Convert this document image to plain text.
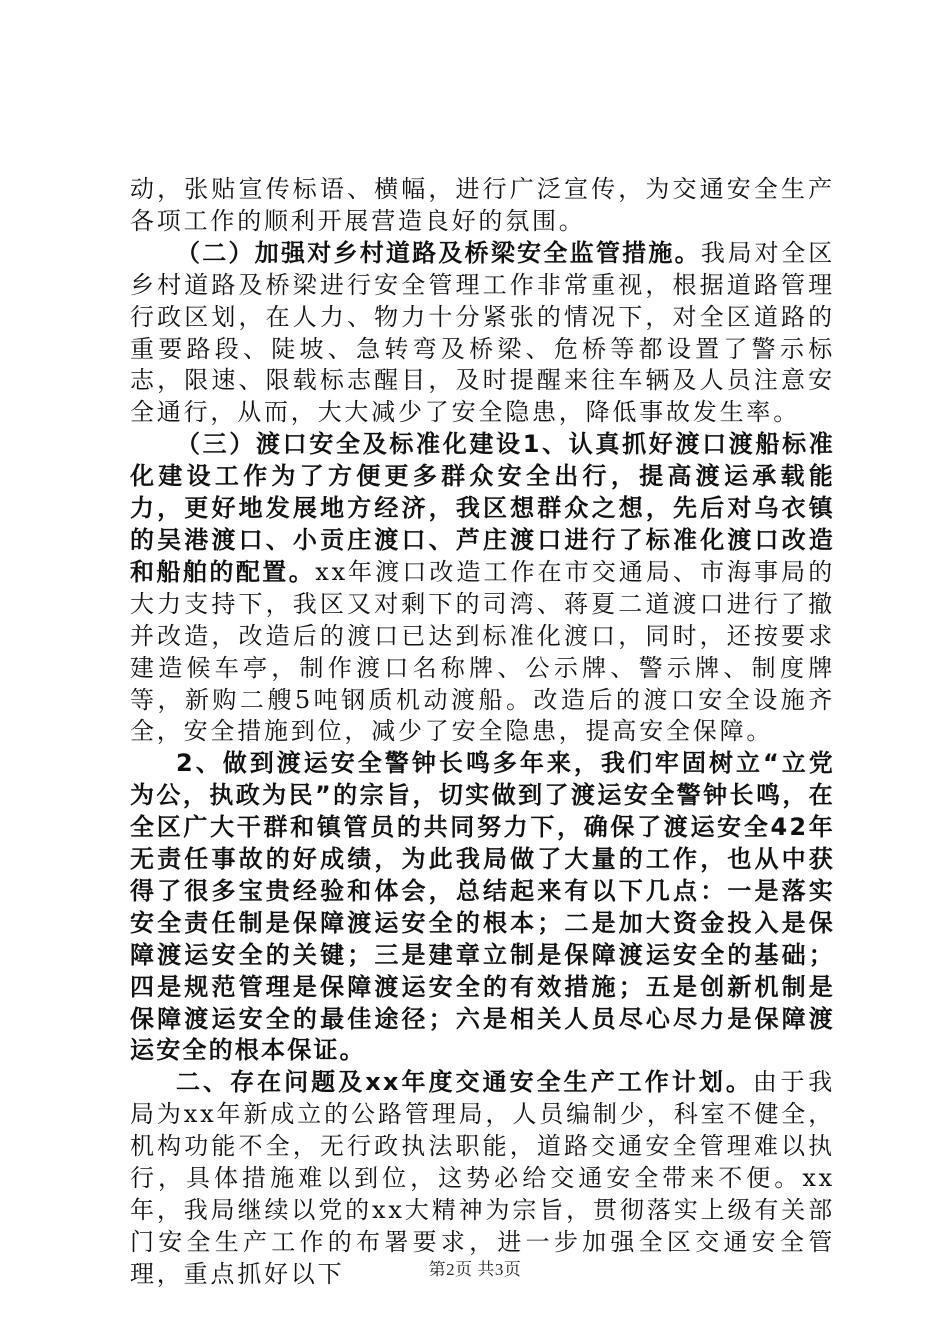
动，张贴宣传标语、横幅，进行广泛宣传，为交通安全生产各项工作的顺利开展营造良好的氛围。

（二）加强对乡村道路及桥梁安全监管措施。我局对全区乡村道路及桥梁进行安全管理工作非常重视，根据道路管理行政区划，在人力、物力十分紧张的情况下，对全区道路的重要路段、陡坡、急转弯及桥梁、危桥等都设置了警示标志，限速、限载标志醒目，及时提醒来往车辆及人员注意安全通行，从而，大大减少了安全隐患，降低事故发生率。

（三）渡口安全及标准化建设1、认真抓好渡口渡船标准化建设工作为了方便更多群众安全出行，提高渡运承载能力，更好地发展地方经济，我区想群众之想，先后对乌衣镇的吴港渡口、小贡庄渡口、芦庄渡口进行了标准化渡口改造和船舶的配置。xx年渡口改造工作在市交通局、市海事局的大力支持下，我区又对剩下的司湾、蒋夏二道渡口进行了撤并改造，改造后的渡口已达到标准化渡口，同时，还按要求建造候车亭，制作渡口名称牌、公示牌、警示牌、制度牌等，新购二艘5吨钢质机动渡船。改造后的渡口安全设施齐全，安全措施到位，减少了安全隐患，提高安全保障。

2、做到渡运安全警钟长鸣多年来，我们牢固树立“立党为公，执政为民”的宗旨，切实做到了渡运安全警钟长鸣，在全区广大干群和镇管员的共同努力下，确保了渡运安全42年无责任事故的好成绩，为此我局做了大量的工作，也从中获得了很多宝贵经验和体会，总结起来有以下几点：一是落实安全责任制是保障渡运安全的根本；二是加大资金投入是保障渡运安全的关键；三是建章立制是保障渡运安全的基础；四是规范管理是保障渡运安全的有效措施；五是创新机制是保障渡运安全的最佳途径；六是相关人员尽心尽力是保障渡运安全的根本保证。

二、存在问题及xx年度交通安全生产工作计划。由于我局为xx年新成立的公路管理局，人员编制少，科室不健全，机构功能不全，无行政执法职能，道路交通安全管理难以执行，具体措施难以到位，这势必给交通安全带来不便。xx年，我局继续以党的xx大精神为宗旨，贯彻落实上级有关部门安全生产工作的布署要求，进一步加强全区交通安全管理，重点抓好以下	第2页 共3页
